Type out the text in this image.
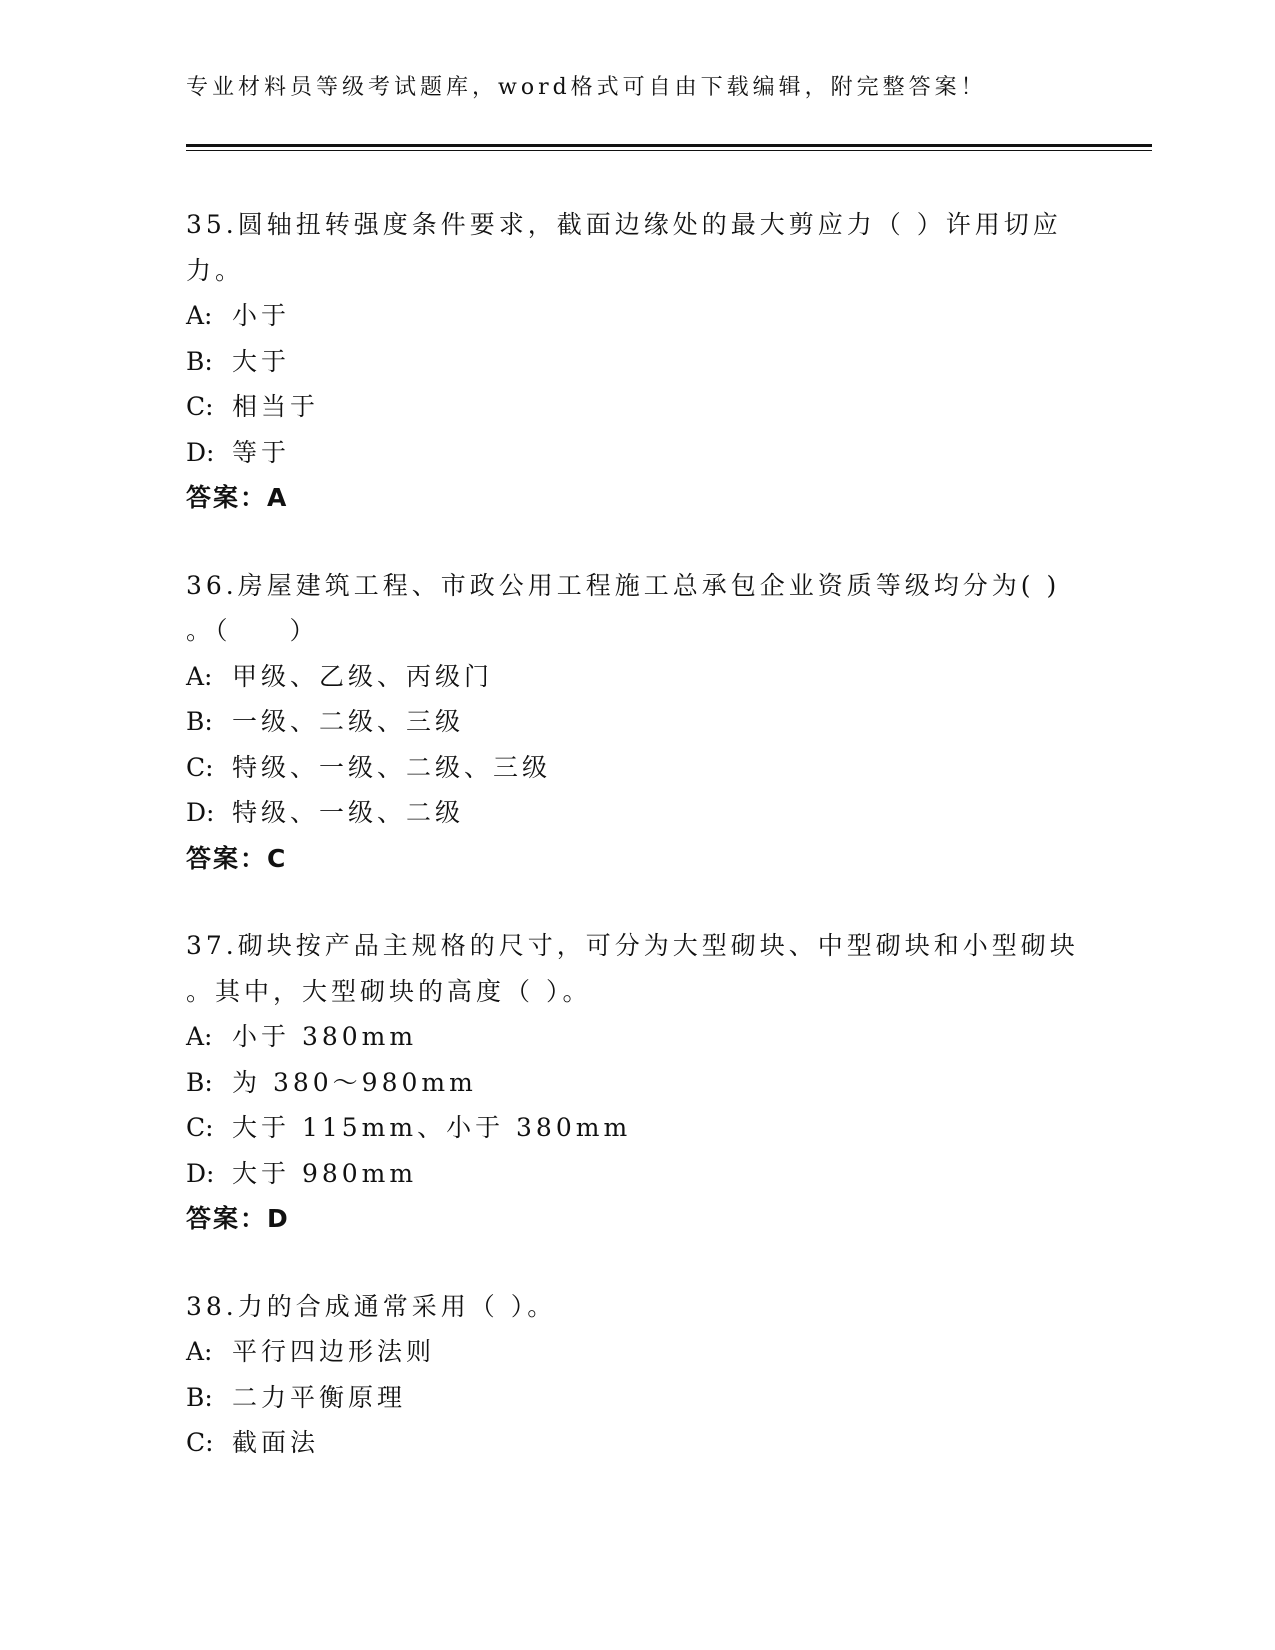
专业材料员等级考试题库，word格式可自由下载编辑，附完整答案！
35.圆轴扭转强度条件要求，截面边缘处的最大剪应力（ ）许用切应
力。
A: 小于
B: 大于
C: 相当于
D: 等于
答案：A
36.房屋建筑工程、市政公用工程施工总承包企业资质等级均分为( )
。（　　）
A: 甲级、乙级、丙级门
B: 一级、二级、三级
C: 特级、一级、二级、三级
D: 特级、一级、二级
答案：C
37.砌块按产品主规格的尺寸，可分为大型砌块、中型砌块和小型砌块
。其中，大型砌块的高度（ ）。
A: 小于 380mm
B: 为 380～980mm
C: 大于 115mm、小于 380mm
D: 大于 980mm
答案：D
38.力的合成通常采用（ ）。
A: 平行四边形法则
B: 二力平衡原理
C: 截面法
